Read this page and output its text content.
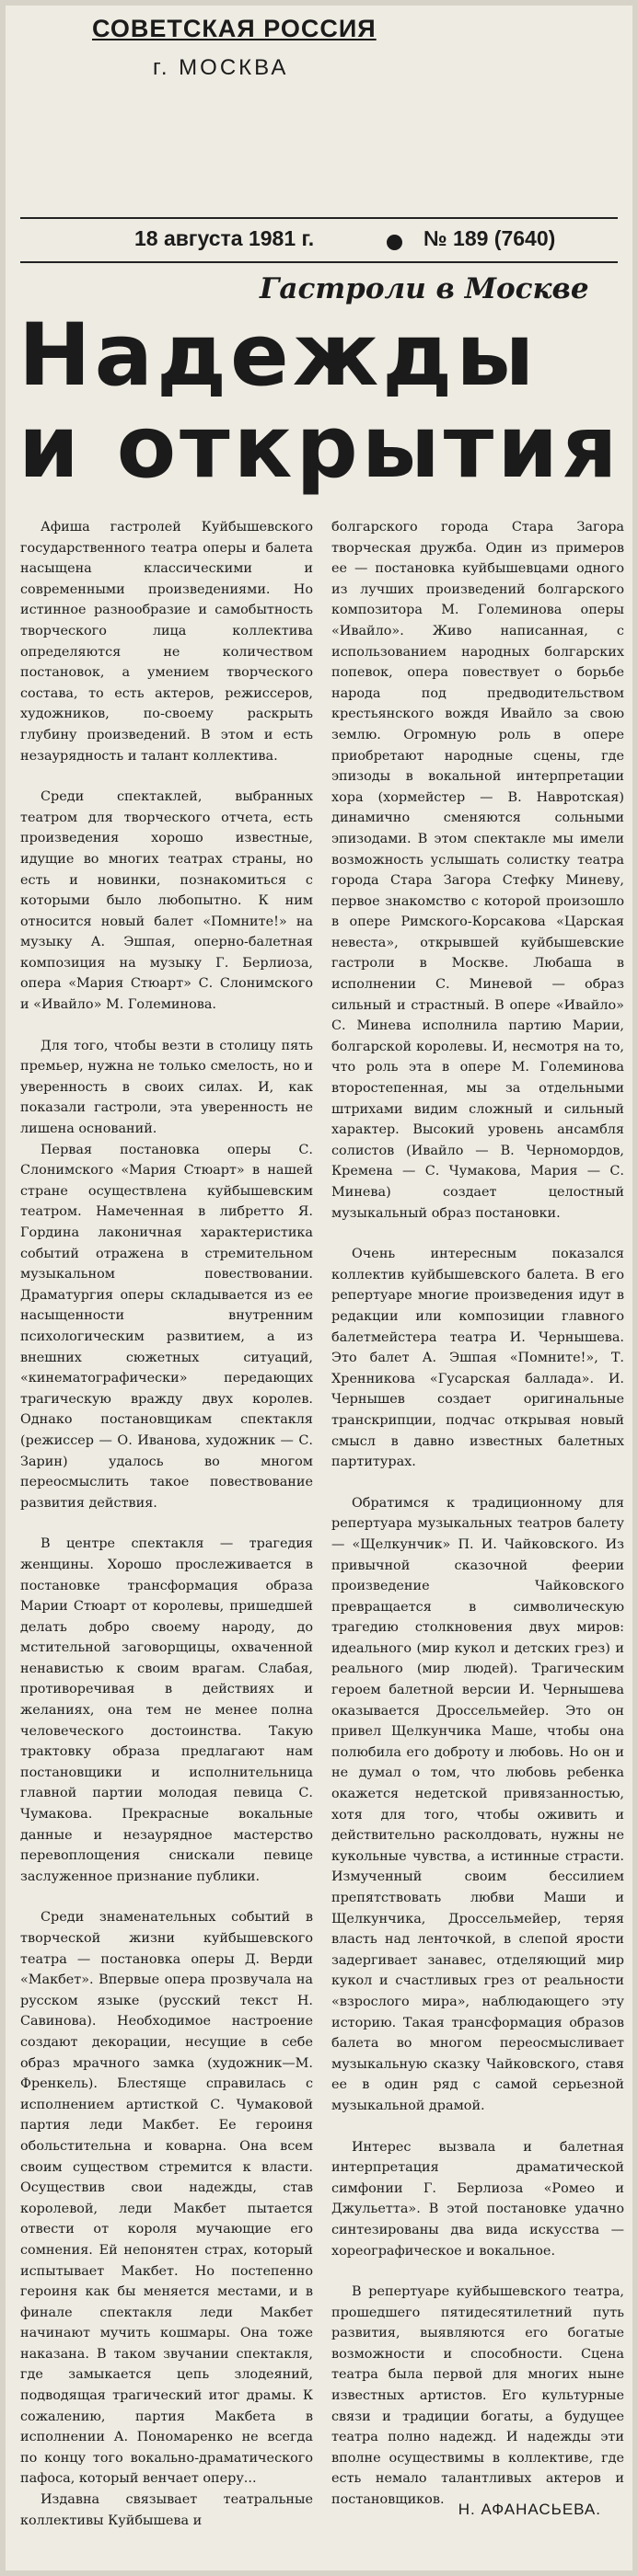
СОВЕТСКАЯ РОССИЯ
г. МОСКВА
18 августа 1981 г.	№ 189 (7640)
Гастроли в Москве
Надежды
и открытия

Афиша гастролей Куйбышевского государственного театра оперы и балета насыщена классическими и современными произведениями. Но истинное разнообразие и самобытность творческого лица коллектива определяются не количеством постановок, а умением творческого состава, то есть актеров, режиссеров, художников, по-своему раскрыть глубину произведений. В этом и есть незаурядность и талант коллектива.

Среди спектаклей, выбранных театром для творческого отчета, есть произведения хорошо известные, идущие во многих театрах страны, но есть и новинки, познакомиться с которыми было любопытно. К ним относится новый балет «Помните!» на музыку А. Эшпая, оперно-балетная композиция на музыку Г. Берлиоза, опера «Мария Стюарт» С. Слонимского и «Ивайло» М. Големинова.

Для того, чтобы везти в столицу пять премьер, нужна не только смелость, но и уверенность в своих силах. И, как показали гастроли, эта уверенность не лишена оснований.

Первая постановка оперы С. Слонимского «Мария Стюарт» в нашей стране осуществлена куйбышевским театром. Намеченная в либретто Я. Гордина лаконичная характеристика событий отражена в стремительном музыкальном повествовании. Драматургия оперы складывается из ее насыщенности внутренним психологическим развитием, а из внешних сюжетных ситуаций, «кинематографически» передающих трагическую вражду двух королев. Однако постановщикам спектакля (режиссер — О. Иванова, художник — С. Зарин) удалось во многом переосмыслить такое повествование развития действия.

В центре спектакля — трагедия женщины. Хорошо прослеживается в постановке трансформация образа Марии Стюарт от королевы, пришедшей делать добро своему народу, до мстительной заговорщицы, охваченной ненавистью к своим врагам. Слабая, противоречивая в действиях и желаниях, она тем не менее полна человеческого достоинства. Такую трактовку образа предлагают нам постановщики и исполнительница главной партии молодая певица С. Чумакова. Прекрасные вокальные данные и незаурядное мастерство перевоплощения снискали певице заслуженное признание публики.

Среди знаменательных событий в творческой жизни куйбышевского театра — постановка оперы Д. Верди «Макбет». Впервые опера прозвучала на русском языке (русский текст Н. Савинова). Необходимое настроение создают декорации, несущие в себе образ мрачного замка (художник—М. Френкель). Блестяще справилась с исполнением артисткой С. Чумаковой партия леди Макбет. Ее героиня обольстительна и коварна. Она всем своим существом стремится к власти. Осуществив свои надежды, став королевой, леди Макбет пытается отвести от короля мучающие его сомнения. Ей непонятен страх, который испытывает Макбет. Но постепенно героиня как бы меняется местами, и в финале спектакля леди Макбет начинают мучить кошмары. Она тоже наказана. В таком звучании спектакля, где замыкается цепь злодеяний, подводящая трагический итог драмы. К сожалению, партия Макбета в исполнении А. Пономаренко не всегда по концу того вокально-драматического пафоса, который венчает оперу...

Издавна связывает театральные коллективы Куйбышева и

болгарского города Стара Загора творческая дружба. Один из примеров ее — постановка куйбышевцами одного из лучших произведений болгарского композитора М. Големинова оперы «Ивайло». Живо написанная, с использованием народных болгарских попевок, опера повествует о борьбе народа под предводительством крестьянского вождя Ивайло за свою землю. Огромную роль в опере приобретают народные сцены, где эпизоды в вокальной интерпретации хора (хормейстер — В. Навротская) динамично сменяются сольными эпизодами. В этом спектакле мы имели возможность услышать солистку театра города Стара Загора Стефку Миневу, первое знакомство с которой произошло в опере Римского-Корсакова «Царская невеста», открывшей куйбышевские гастроли в Москве. Любаша в исполнении С. Миневой — образ сильный и страстный. В опере «Ивайло» С. Минева исполнила партию Марии, болгарской королевы. И, несмотря на то, что роль эта в опере М. Големинова второстепенная, мы за отдельными штрихами видим сложный и сильный характер. Высокий уровень ансамбля солистов (Ивайло — В. Черномордов, Кремена — С. Чумакова, Мария — С. Минева) создает целостный музыкальный образ постановки.

Очень интересным показался коллектив куйбышевского балета. В его репертуаре многие произведения идут в редакции или композиции главного балетмейстера театра И. Чернышева. Это балет А. Эшпая «Помните!», Т. Хренникова «Гусарская баллада». И. Чернышев создает оригинальные транскрипции, подчас открывая новый смысл в давно известных балетных партитурах.

Обратимся к традиционному для репертуара музыкальных театров балету — «Щелкунчик» П. И. Чайковского. Из привычной сказочной феерии произведение Чайковского превращается в символическую трагедию столкновения двух миров: идеального (мир кукол и детских грез) и реального (мир людей). Трагическим героем балетной версии И. Чернышева оказывается Дроссельмейер. Это он привел Щелкунчика Маше, чтобы она полюбила его доброту и любовь. Но он и не думал о том, что любовь ребенка окажется недетской привязанностью, хотя для того, чтобы оживить и действительно расколдовать, нужны не кукольные чувства, а истинные страсти. Измученный своим бессилием препятствовать любви Маши и Щелкунчика, Дроссельмейер, теряя власть над ленточкой, в слепой ярости задергивает занавес, отделяющий мир кукол и счастливых грез от реальности «взрослого мира», наблюдающего эту историю. Такая трансформация образов балета во многом переосмысливает музыкальную сказку Чайковского, ставя ее в один ряд с самой серьезной музыкальной драмой.

Интерес вызвала и балетная интерпретация драматической симфонии Г. Берлиоза «Ромео и Джульетта». В этой постановке удачно синтезированы два вида искусства — хореографическое и вокальное.

В репертуаре куйбышевского театра, прошедшего пятидесятилетний путь развития, выявляются его богатые возможности и способности. Сцена театра была первой для многих ныне известных артистов. Его культурные связи и традиции богаты, а будущее театра полно надежд. И надежды эти вполне осуществимы в коллективе, где есть немало талантливых актеров и постановщиков.

Н. АФАНАСЬЕВА.
